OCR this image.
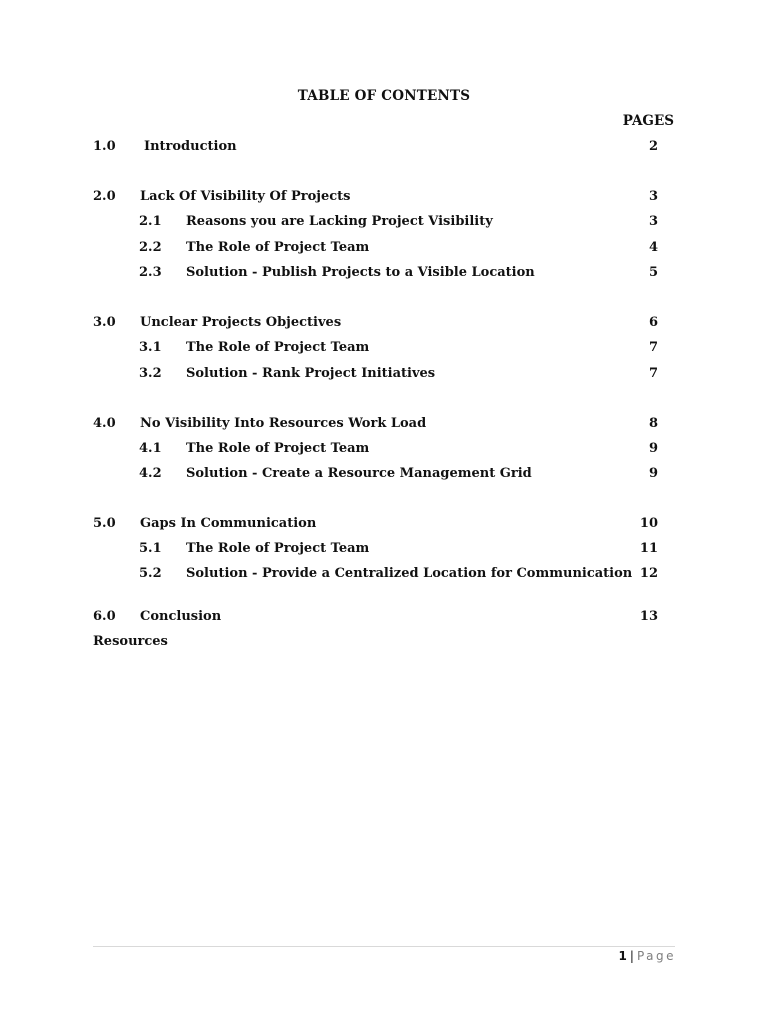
TABLE OF CONTENTS
PAGES
1.0 Introduction	2
2.0 Lack Of Visibility Of Projects	3
2.1 Reasons you are Lacking Project Visibility	3
2.2 The Role of Project Team	4
2.3 Solution - Publish Projects to a Visible Location	5
3.0 Unclear Projects Objectives	6
3.1 The Role of Project Team	7
3.2 Solution - Rank Project Initiatives	7
4.0 No Visibility Into Resources Work Load	8
4.1 The Role of Project Team	9
4.2 Solution - Create a Resource Management Grid	9
5.0 Gaps In Communication	10
5.1 The Role of Project Team	11
5.2 Solution - Provide a Centralized Location for Communication 12
6.0 Conclusion	13
Resources
1 | Page
